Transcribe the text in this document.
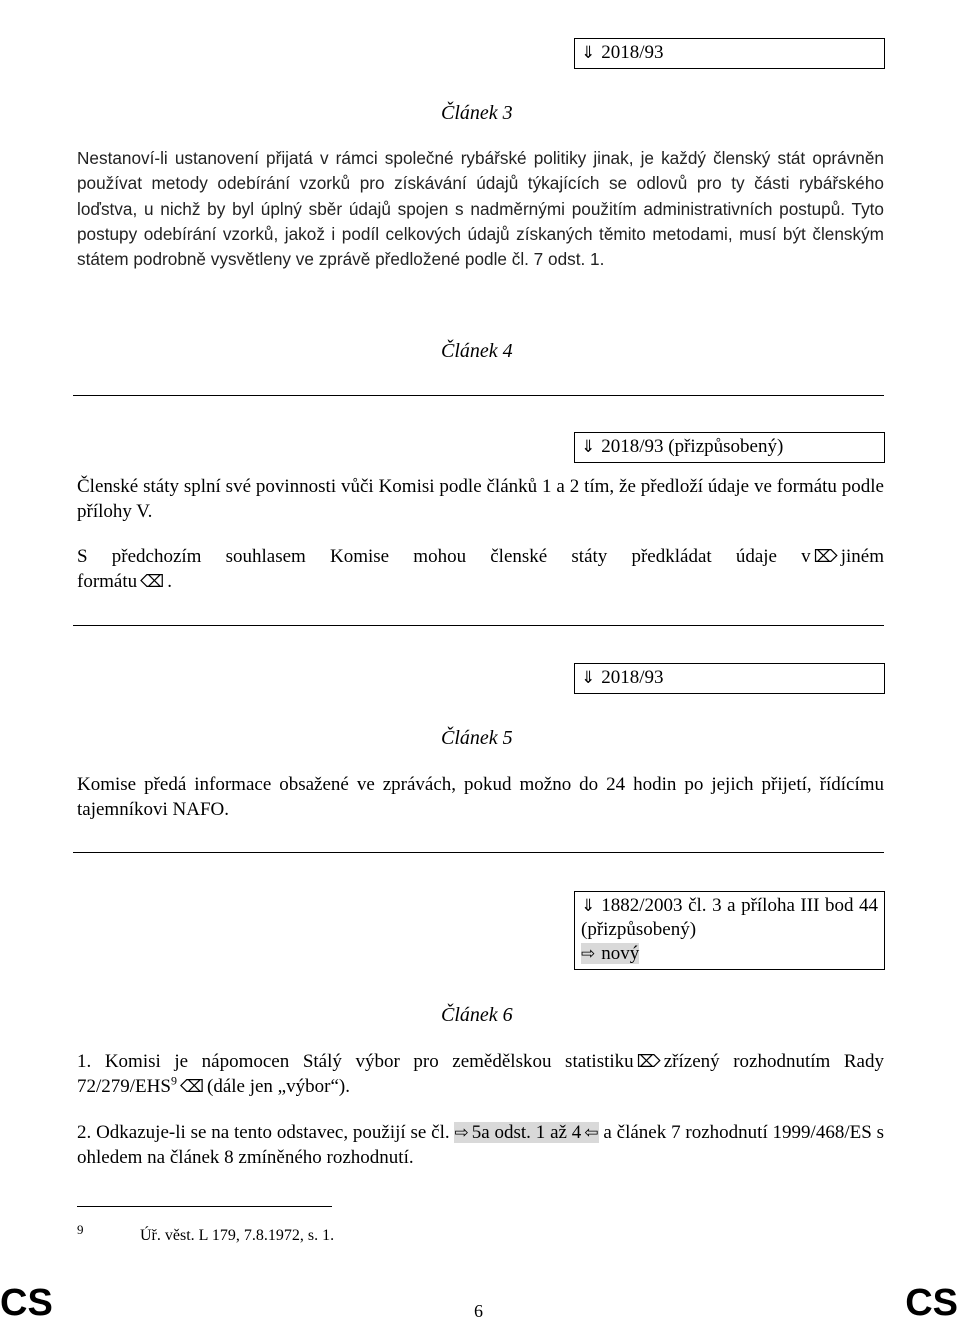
⇓ 2018/93
Článek 3
Nestanoví-li ustanovení přijatá v rámci společné rybářské politiky jinak, je každý členský stát oprávněn používat metody odebírání vzorků pro získávání údajů týkajících se odlovů pro ty části rybářského loďstva, u nichž by byl úplný sběr údajů spojen s nadměrnými použitím administrativních postupů. Tyto postupy odebírání vzorků, jakož i podíl celkových údajů získaných těmito metodami, musí být členským státem podrobně vysvětleny ve zprávě předložené podle čl. 7 odst. 1.
Článek 4
⇓ 2018/93 (přizpůsobený)
Členské státy splní své povinnosti vůči Komisi podle článků 1 a 2 tím, že předloží údaje ve formátu podle přílohy V.
S předchozím souhlasem Komise mohou členské státy předkládat údaje v ⌦ jiném formátu ⌫ .
⇓ 2018/93
Článek 5
Komise předá informace obsažené ve zprávách, pokud možno do 24 hodin po jejich přijetí, řídícímu tajemníkovi NAFO.
⇓ 1882/2003 čl. 3 a příloha III bod 44 (přizpůsobený)
⇨ nový
Článek 6
1. Komisi je nápomocen Stálý výbor pro zemědělskou statistiku ⌦ zřízený rozhodnutím Rady 72/279/EHS$^9$ ⌫ (dále jen „výbor“).
2. Odkazuje-li se na tento odstavec, použijí se čl. ⇨ 5a odst. 1 až 4 ⇦ a článek 7 rozhodnutí 1999/468/ES s ohledem na článek 8 zmíněného rozhodnutí.
9	Úř. věst. L 179, 7.8.1972, s. 1.
CS	6	CS
